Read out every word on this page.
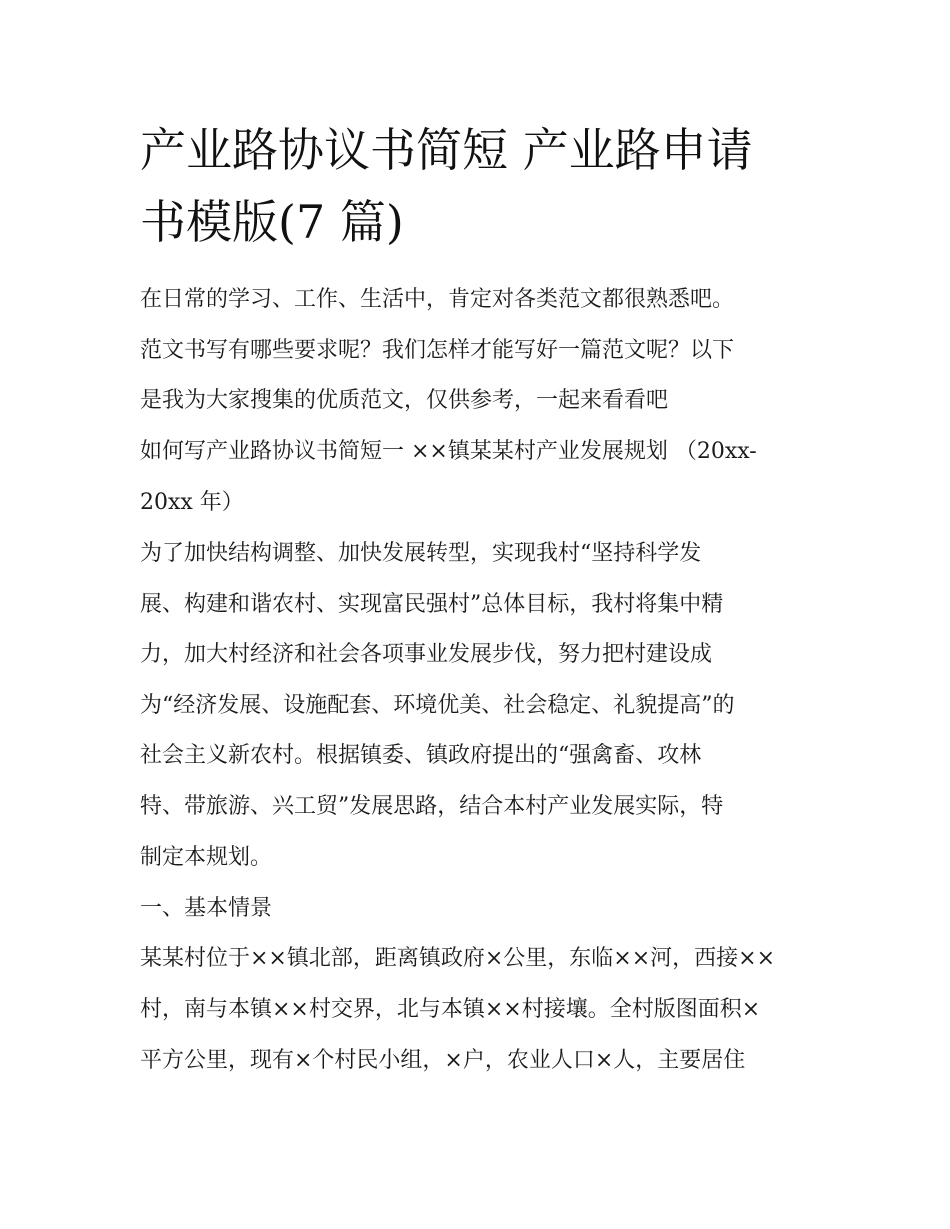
产业路协议书简短 产业路申请
书模版(7 篇)
在日常的学习、工作、生活中，肯定对各类范文都很熟悉吧。
范文书写有哪些要求呢？我们怎样才能写好一篇范文呢？以下
是我为大家搜集的优质范文，仅供参考，一起来看看吧
如何写产业路协议书简短一 ××镇某某村产业发展规划 （20xx-
20xx 年）
为了加快结构调整、加快发展转型，实现我村“坚持科学发
展、构建和谐农村、实现富民强村”总体目标，我村将集中精
力，加大村经济和社会各项事业发展步伐，努力把村建设成
为“经济发展、设施配套、环境优美、社会稳定、礼貌提高”的
社会主义新农村。根据镇委、镇政府提出的“强禽畜、攻林
特、带旅游、兴工贸”发展思路，结合本村产业发展实际，特
制定本规划。
一、基本情景
某某村位于××镇北部，距离镇政府×公里，东临××河，西接××
村，南与本镇××村交界，北与本镇××村接壤。全村版图面积×
平方公里，现有×个村民小组，×户，农业人口×人，主要居住
